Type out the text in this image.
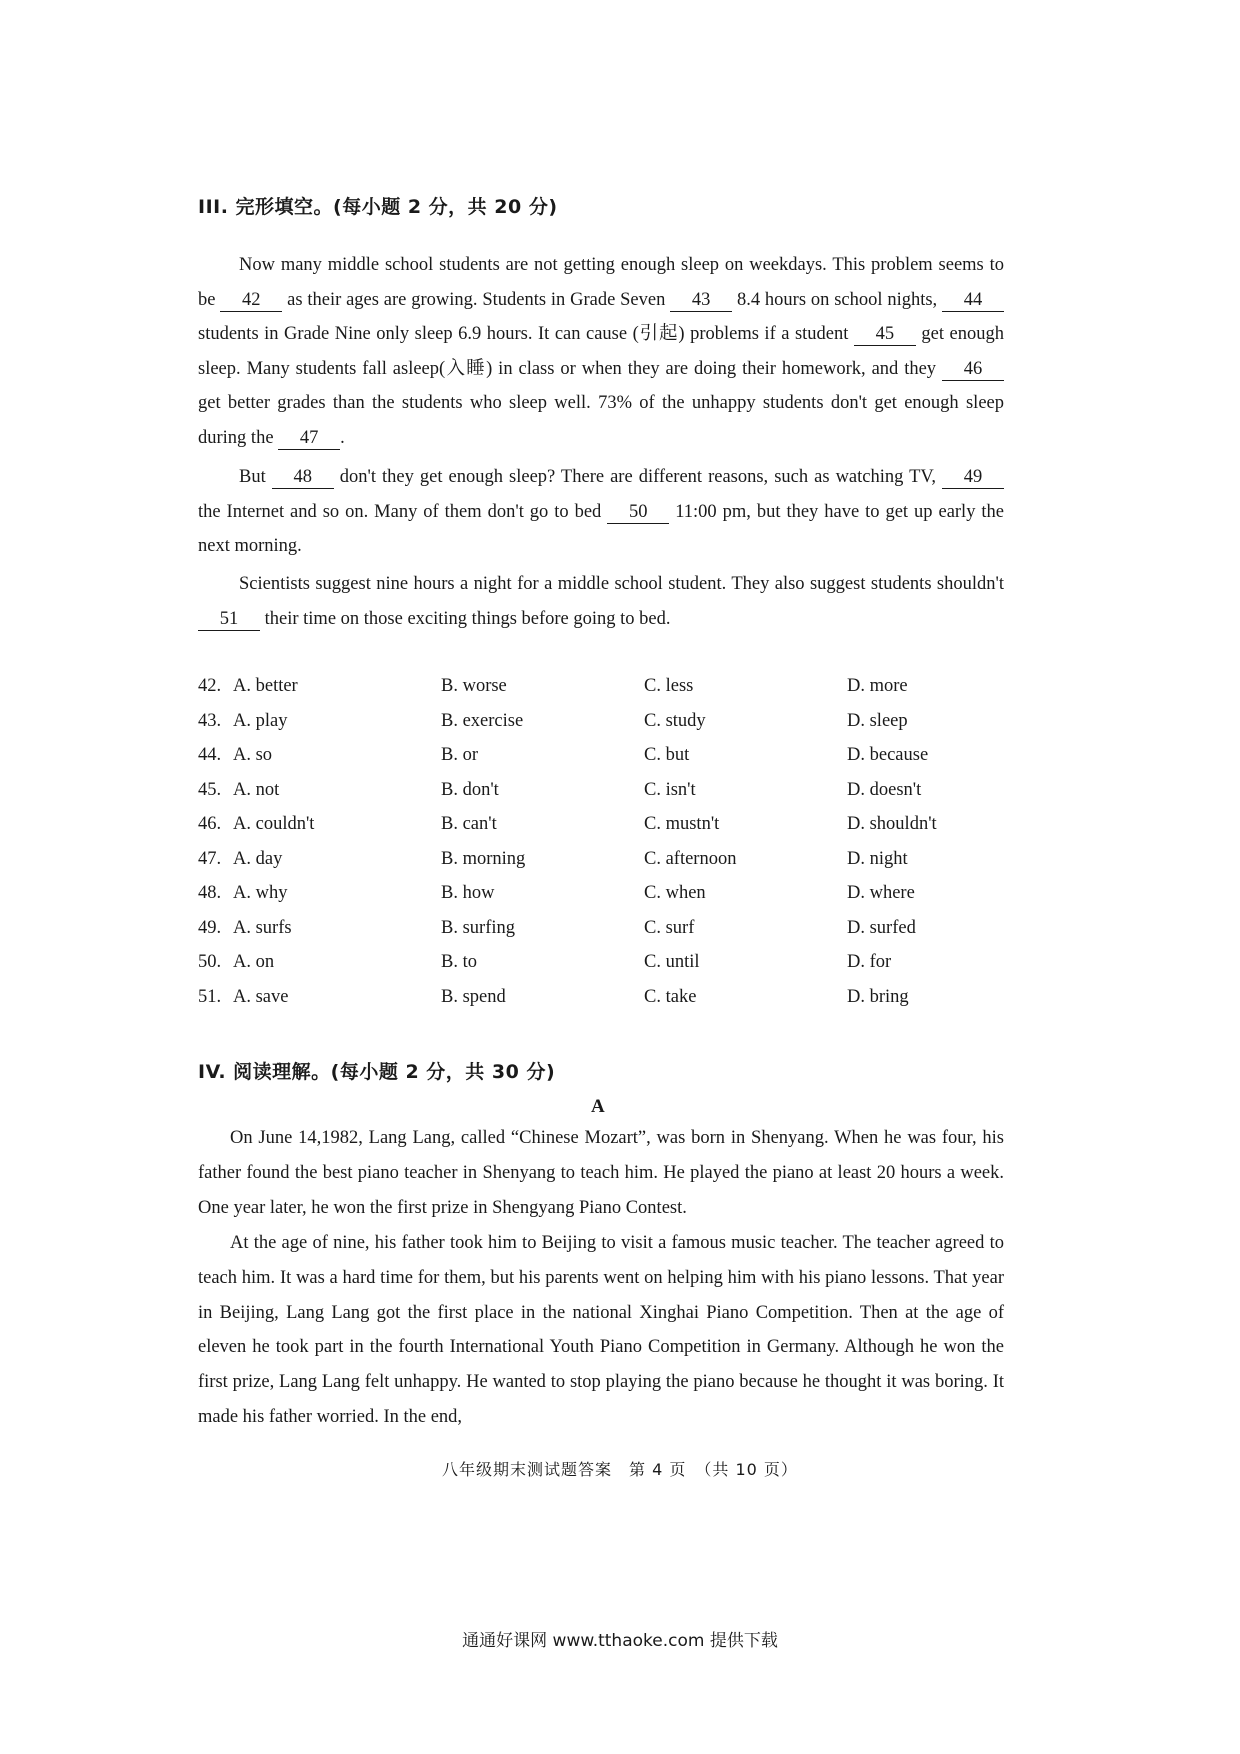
III. 完形填空。(每小题 2 分，共 20 分)

Now many middle school students are not getting enough sleep on weekdays. This problem seems to be 42 as their ages are growing. Students in Grade Seven 43 8.4 hours on school nights, 44 students in Grade Nine only sleep 6.9 hours. It can cause (引起) problems if a student 45 get enough sleep. Many students fall asleep(入睡) in class or when they are doing their homework, and they 46 get better grades than the students who sleep well. 73% of the unhappy students don't get enough sleep during the 47 .

But 48 don't they get enough sleep? There are different reasons, such as watching TV, 49 the Internet and so on. Many of them don't go to bed 50 11:00 pm, but they have to get up early the next morning.

Scientists suggest nine hours a night for a middle school student. They also suggest students shouldn't 51 their time on those exciting things before going to bed.

42. A. better	B. worse	C. less	D. more
43. A. play	B. exercise	C. study	D. sleep
44. A. so	B. or	C. but	D. because
45. A. not	B. don't	C. isn't	D. doesn't
46. A. couldn't	B. can't	C. mustn't	D. shouldn't
47. A. day	B. morning	C. afternoon	D. night
48. A. why	B. how	C. when	D. where
49. A. surfs	B. surfing	C. surf	D. surfed
50. A. on	B. to	C. until	D. for
51. A. save	B. spend	C. take	D. bring
IV. 阅读理解。(每小题 2 分，共 30 分)
A

On June 14,1982, Lang Lang, called “Chinese Mozart”, was born in Shenyang. When he was four, his father found the best piano teacher in Shenyang to teach him. He played the piano at least 20 hours a week. One year later, he won the first prize in Shengyang Piano Contest.

At the age of nine, his father took him to Beijing to visit a famous music teacher. The teacher agreed to teach him. It was a hard time for them, but his parents went on helping him with his piano lessons. That year in Beijing, Lang Lang got the first place in the national Xinghai Piano Competition. Then at the age of eleven he took part in the fourth International Youth Piano Competition in Germany. Although he won the first prize, Lang Lang felt unhappy. He wanted to stop playing the piano because he thought it was boring. It made his father worried. In the end,

八年级期末测试题答案　第 4 页　（共 10 页）
通通好课网 www.tthaoke.com 提供下载
